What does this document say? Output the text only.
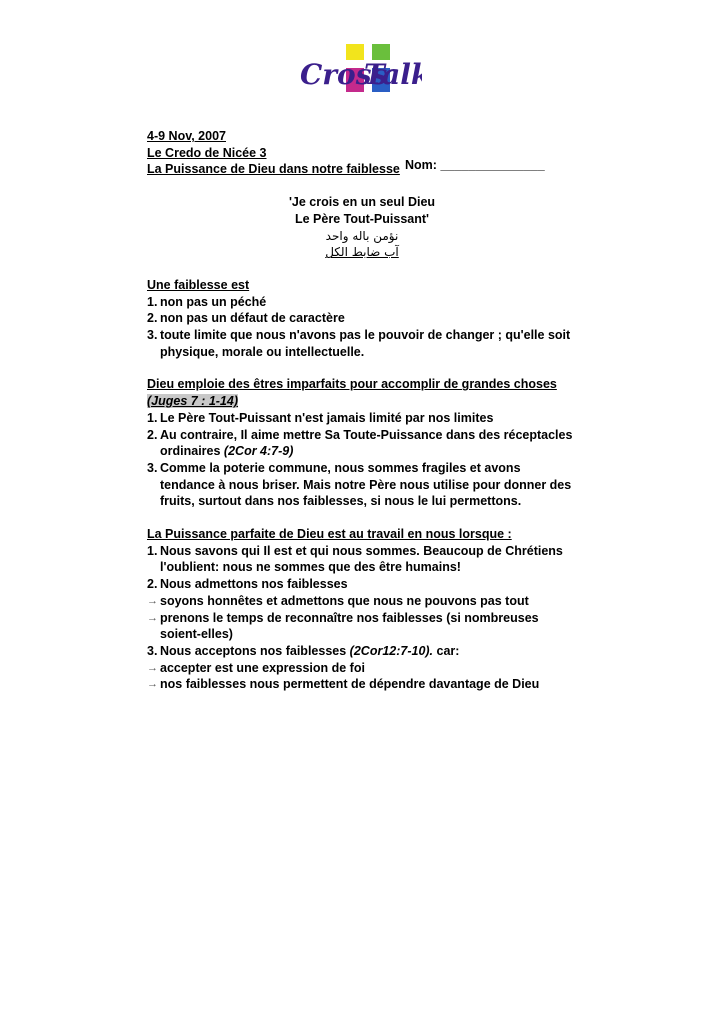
Cross
Tal

4-9 Nov, 2007

Le Credo de Nicée 3

La Puissance de Dieu dans notre faiblesse Nom: _______________

'Je crois en un seul Dieu

Le Père Tout-Puissant'

نؤمن باله واحد

آب ضابط الكل

Une faiblesse est

1. non pas un péché
2. non pas un défaut de caractère
3. toute limite que nous n'avons pas le pouvoir de changer ; qu'elle soit physique, morale ou intellectuelle.

Dieu emploie des êtres imparfaits pour accomplir de grandes choses (Juges 7 : 1-14)

1. Le Père Tout-Puissant n'est jamais limité par nos limites
2. Au contraire, Il aime mettre Sa Toute-Puissance dans des réceptacles ordinaires (2Cor 4:7-9)
3. Comme la poterie commune, nous sommes fragiles et avons tendance à nous briser. Mais notre Père nous utilise pour donner des fruits, surtout dans nos faiblesses, si nous le lui permettons.

La Puissance parfaite de Dieu est au travail en nous lorsque :

1. Nous savons qui Il est et qui nous sommes. Beaucoup de Chrétiens l'oublient: nous ne sommes que des être humains!
2. Nous admettons nos faiblesses
→ soyons honnêtes et admettons que nous ne pouvons pas tout
→ prenons le temps de reconnaître nos faiblesses (si nombreuses soient-elles)
3. Nous acceptons nos faiblesses (2Cor12:7-10). car:
→ accepter est une expression de foi
→ nos faiblesses nous permettent de dépendre davantage de Dieu
